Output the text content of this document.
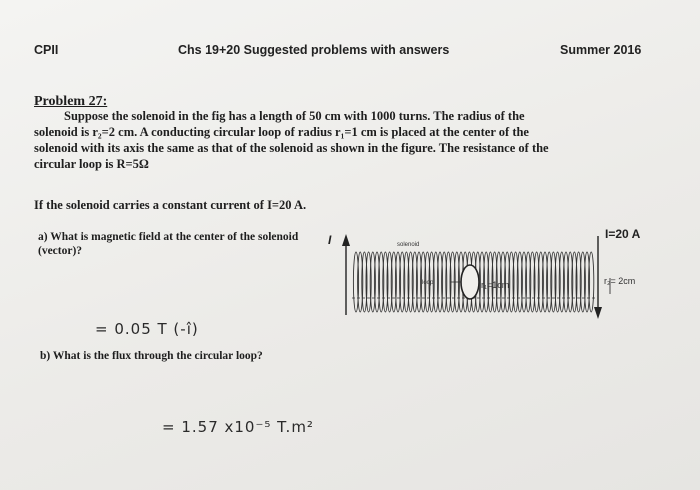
CPII	Chs 19+20 Suggested problems with answers	Summer 2016
Problem 27:
Suppose the solenoid in the fig has a length of 50 cm with 1000 turns. The radius of the
solenoid is r₂=2 cm. A conducting circular loop of radius r₁=1 cm is placed at the center of the
solenoid with its axis the same as that of the solenoid as shown in the figure. The resistance of the
circular loop is R=5Ω
If the solenoid carries a constant current of I=20 A.
a) What is magnetic field at the center of the solenoid (vector)?
= 0.05 T (-î)
b) What is the flux through the circular loop?
= 1.57 x10⁻⁵ T.m²
I	I=20 A
solenoid
loop	r₁=1cm	r₂= 2cm
